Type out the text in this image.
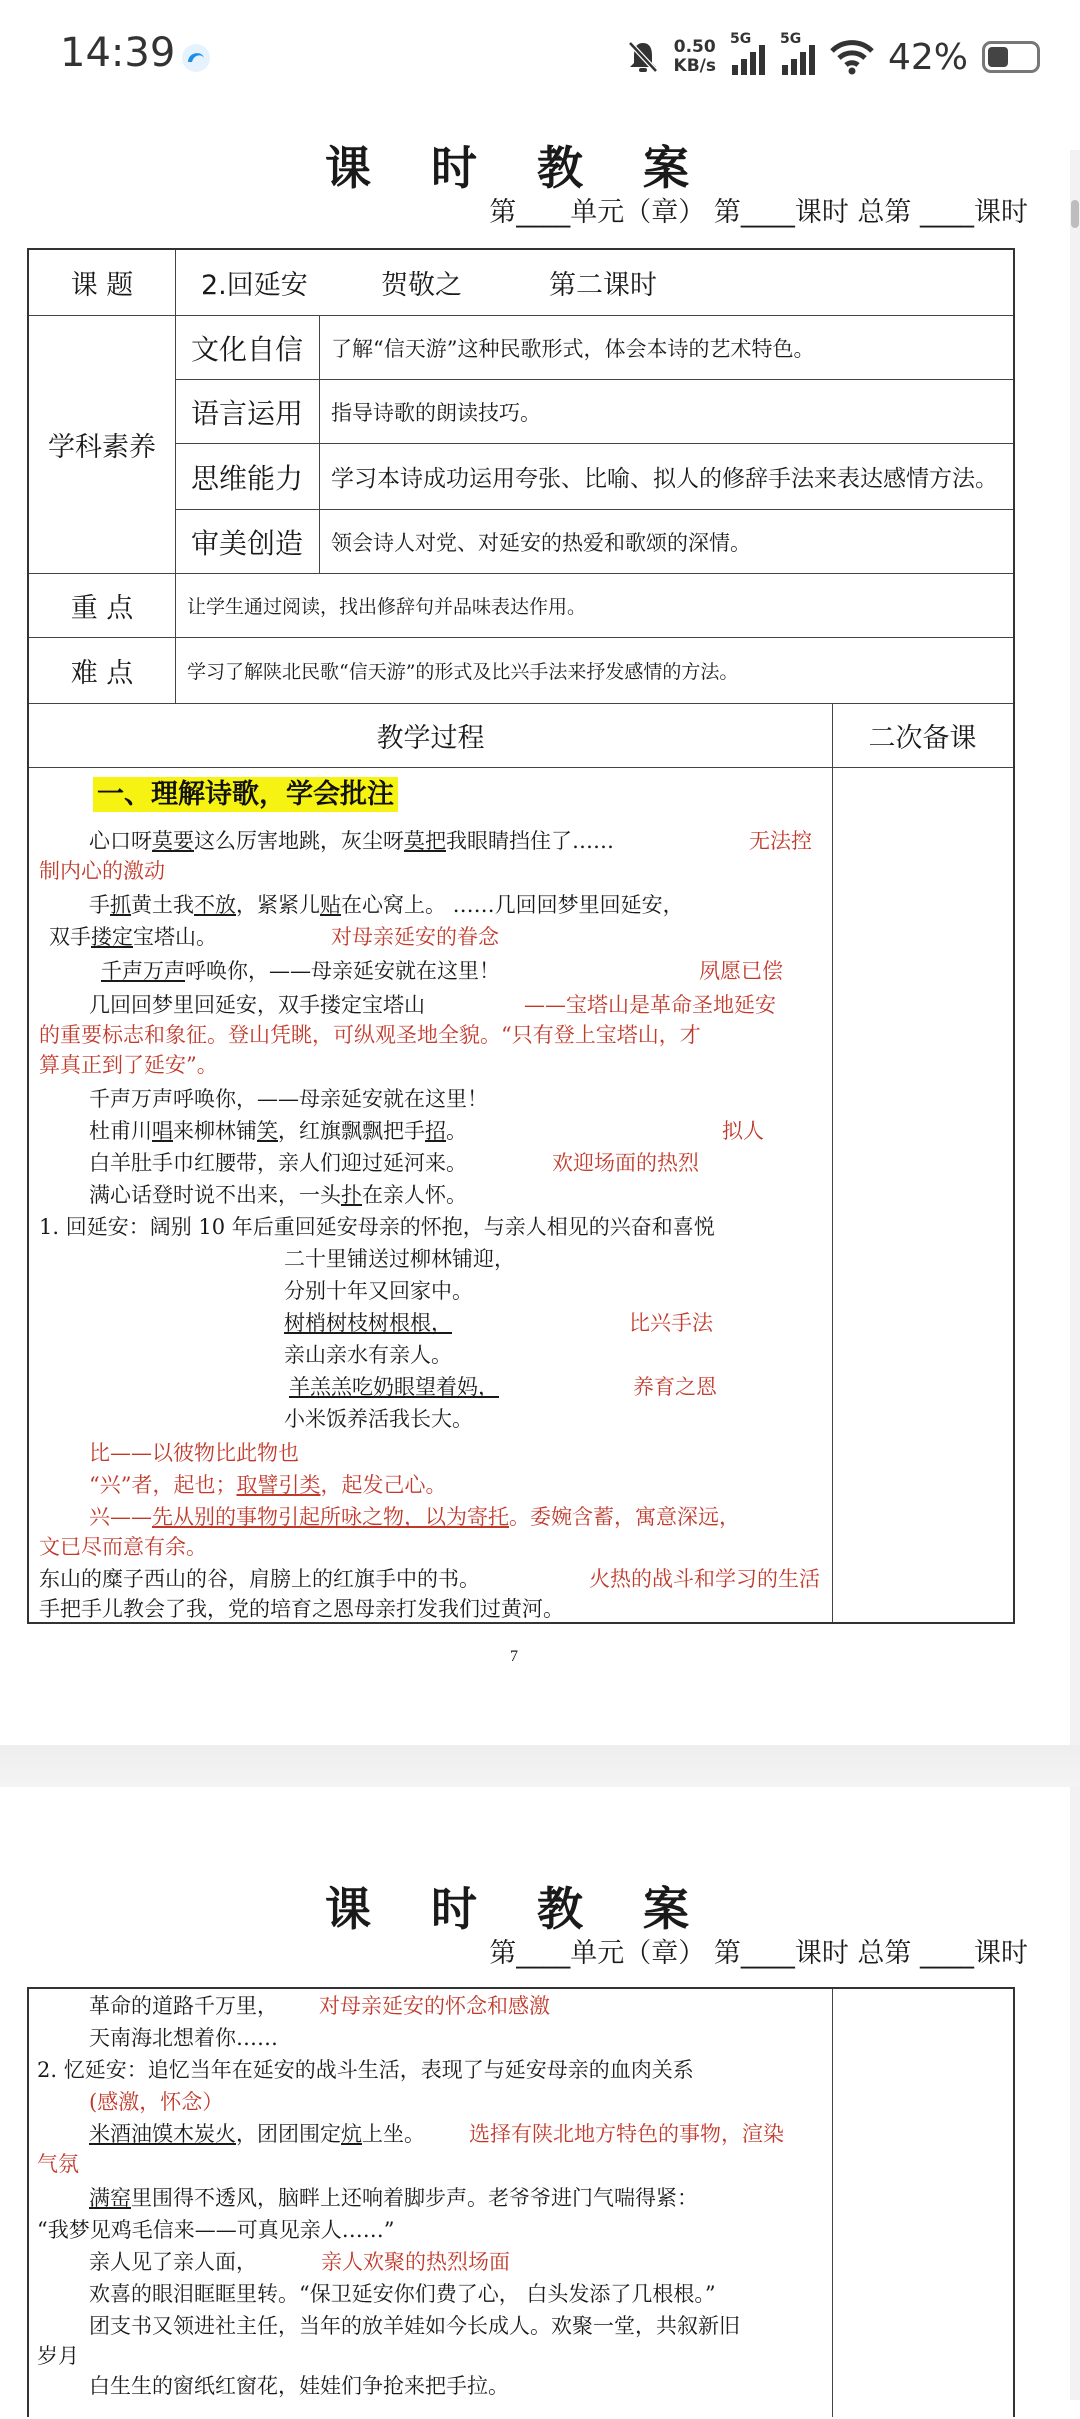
14:39	0.50
KB/s
5G 5G 42%
课 时 教 案
第____单元（章） 第____课时 总第 ____课时
课 题	2.回延安	贺敬之	第二课时
学科素养
文化自信	了解“信天游”这种民歌形式，体会本诗的艺术特色。
语言运用	指导诗歌的朗读技巧。
思维能力	学习本诗成功运用夸张、比喻、拟人的修辞手法来表达感情方法。
审美创造	领会诗人对党、对延安的热爱和歌颂的深情。
重 点	让学生通过阅读，找出修辞句并品味表达作用。
难 点	学习了解陕北民歌“信天游”的形式及比兴手法来抒发感情的方法。
教学过程	二次备课
一、理解诗歌，学会批注
心口呀莫要这么厉害地跳，灰尘呀莫把我眼睛挡住了……	无法控
制内心的激动
手抓黄土我不放，紧紧儿贴在心窝上。 ……几回回梦里回延安，
双手搂定宝塔山。	对母亲延安的眷念
千声万声呼唤你，——母亲延安就在这里！	夙愿已偿
几回回梦里回延安，双手搂定宝塔山	——宝塔山是革命圣地延安
的重要标志和象征。登山凭眺，可纵观圣地全貌。“只有登上宝塔山，才
算真正到了延安”。
千声万声呼唤你，——母亲延安就在这里！
杜甫川唱来柳林铺笑，红旗飘飘把手招。	拟人
白羊肚手巾红腰带，亲人们迎过延河来。	欢迎场面的热烈
满心话登时说不出来，一头扑在亲人怀。
1. 回延安：阔别 10 年后重回延安母亲的怀抱，与亲人相见的兴奋和喜悦
二十里铺送过柳林铺迎，
分别十年又回家中。
树梢树枝树根根，	比兴手法
亲山亲水有亲人。
羊羔羔吃奶眼望着妈，	养育之恩
小米饭养活我长大。
比——以彼物比此物也
“兴”者，起也；取譬引类，起发己心。
兴——先从别的事物引起所咏之物，以为寄托。委婉含蓄，寓意深远，
文已尽而意有余。
东山的糜子西山的谷，肩膀上的红旗手中的书。	火热的战斗和学习的生活
手把手儿教会了我，党的培育之恩母亲打发我们过黄河。
7
课 时 教 案
第____单元（章） 第____课时 总第 ____课时
革命的道路千万里， 对母亲延安的怀念和感激
天南海北想着你……
2. 忆延安：追忆当年在延安的战斗生活，表现了与延安母亲的血肉关系
(感激，怀念）
米酒油馍木炭火，团团围定炕上坐。 选择有陕北地方特色的事物，渲染
气氛
满窑里围得不透风，脑畔上还响着脚步声。老爷爷进门气喘得紧：
“我梦见鸡毛信来——可真见亲人……”
亲人见了亲人面，	亲人欢聚的热烈场面
欢喜的眼泪眶眶里转。“保卫延安你们费了心， 白头发添了几根根。”
团支书又领进社主任，当年的放羊娃如今长成人。欢聚一堂，共叙新旧
岁月
白生生的窗纸红窗花，娃娃们争抢来把手拉。
